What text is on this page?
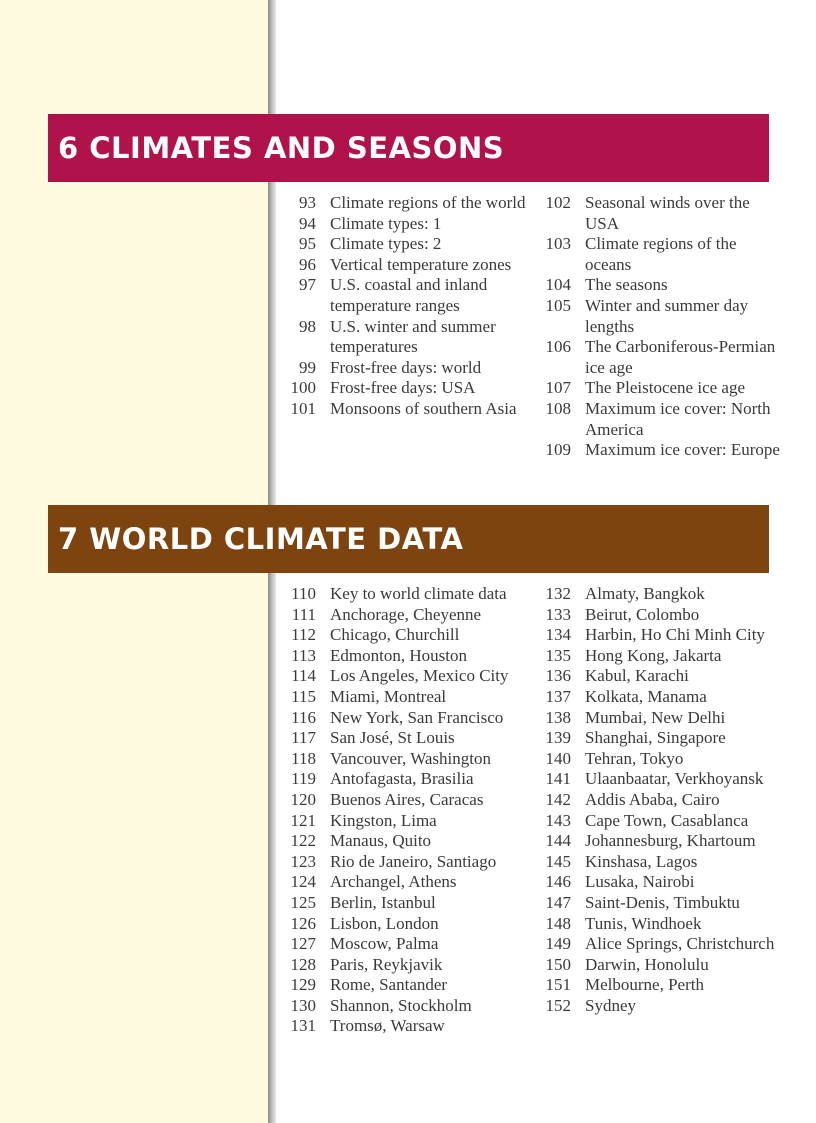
6 CLIMATES AND SEASONS
93 Climate regions of the world
94 Climate types: 1
95 Climate types: 2
96 Vertical temperature zones
97 U.S. coastal and inland temperature ranges
98 U.S. winter and summer temperatures
99 Frost-free days: world
100 Frost-free days: USA
101 Monsoons of southern Asia
102 Seasonal winds over the USA
103 Climate regions of the oceans
104 The seasons
105 Winter and summer day lengths
106 The Carboniferous-Permian ice age
107 The Pleistocene ice age
108 Maximum ice cover: North America
109 Maximum ice cover: Europe
7 WORLD CLIMATE DATA
110 Key to world climate data
111 Anchorage, Cheyenne
112 Chicago, Churchill
113 Edmonton, Houston
114 Los Angeles, Mexico City
115 Miami, Montreal
116 New York, San Francisco
117 San José, St Louis
118 Vancouver, Washington
119 Antofagasta, Brasilia
120 Buenos Aires, Caracas
121 Kingston, Lima
122 Manaus, Quito
123 Rio de Janeiro, Santiago
124 Archangel, Athens
125 Berlin, Istanbul
126 Lisbon, London
127 Moscow, Palma
128 Paris, Reykjavik
129 Rome, Santander
130 Shannon, Stockholm
131 Tromsø, Warsaw
132 Almaty, Bangkok
133 Beirut, Colombo
134 Harbin, Ho Chi Minh City
135 Hong Kong, Jakarta
136 Kabul, Karachi
137 Kolkata, Manama
138 Mumbai, New Delhi
139 Shanghai, Singapore
140 Tehran, Tokyo
141 Ulaanbaatar, Verkhoyansk
142 Addis Ababa, Cairo
143 Cape Town, Casablanca
144 Johannesburg, Khartoum
145 Kinshasa, Lagos
146 Lusaka, Nairobi
147 Saint-Denis, Timbuktu
148 Tunis, Windhoek
149 Alice Springs, Christchurch
150 Darwin, Honolulu
151 Melbourne, Perth
152 Sydney
